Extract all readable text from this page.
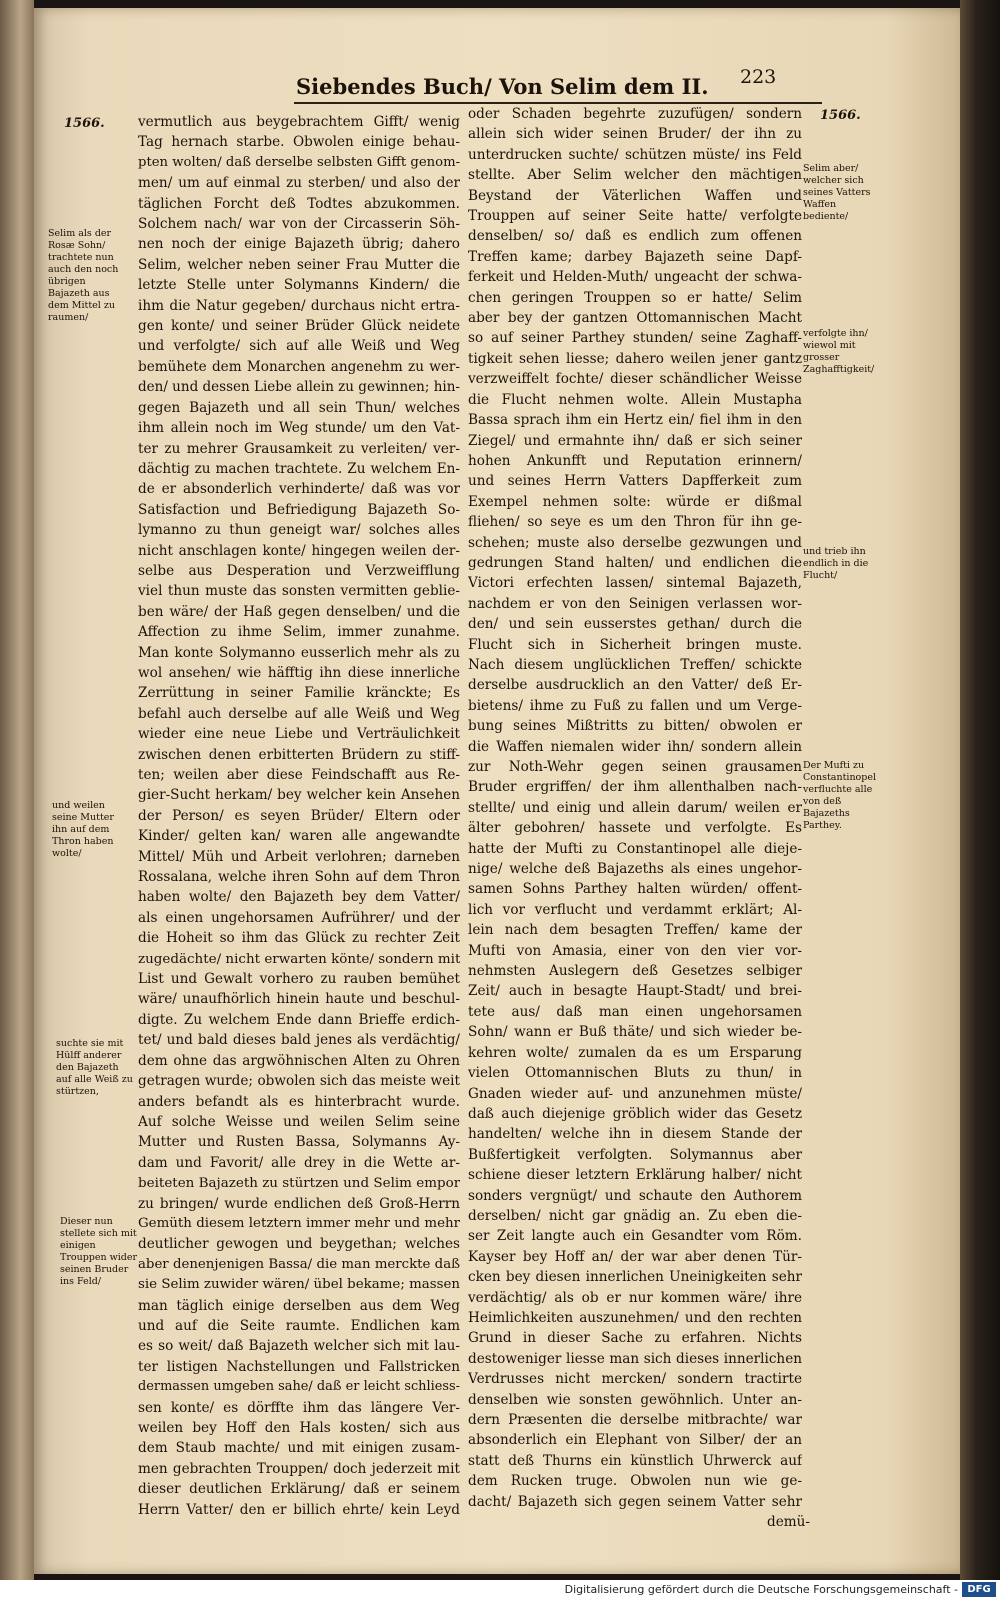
Siebendes Buch/ Von Selim dem II. 223
1566.
1566.

vermutlich aus beygebrachtem Gifft/ wenig

Tag hernach starbe. Obwolen einige behau-

pten wolten/ daß derselbe selbsten Gifft genom-

men/ um auf einmal zu sterben/ und also der

täglichen Forcht deß Todtes abzukommen.

Solchem nach/ war von der Circasserin Söh-

nen noch der einige Bajazeth übrig; dahero

Selim, welcher neben seiner Frau Mutter die

letzte Stelle unter Solymanns Kindern/ die

ihm die Natur gegeben/ durchaus nicht ertra-

gen konte/ und seiner Brüder Glück neidete

und verfolgte/ sich auf alle Weiß und Weg

bemühete dem Monarchen angenehm zu wer-

den/ und dessen Liebe allein zu gewinnen; hin-

gegen Bajazeth und all sein Thun/ welches

ihm allein noch im Weg stunde/ um den Vat-

ter zu mehrer Grausamkeit zu verleiten/ ver-

dächtig zu machen trachtete. Zu welchem En-

de er absonderlich verhinderte/ daß was vor

Satisfaction und Befriedigung Bajazeth So-

lymanno zu thun geneigt war/ solches alles

nicht anschlagen konte/ hingegen weilen der-

selbe aus Desperation und Verzweifflung

viel thun muste das sonsten vermitten geblie-

ben wäre/ der Haß gegen denselben/ und die

Affection zu ihme Selim, immer zunahme.

Man konte Solymanno eusserlich mehr als zu

wol ansehen/ wie häfftig ihn diese innerliche

Zerrüttung in seiner Familie kränckte; Es

befahl auch derselbe auf alle Weiß und Weg

wieder eine neue Liebe und Verträulichkeit

zwischen denen erbitterten Brüdern zu stiff-

ten; weilen aber diese Feindschafft aus Re-

gier-Sucht herkam/ bey welcher kein Ansehen

der Person/ es seyen Brüder/ Eltern oder

Kinder/ gelten kan/ waren alle angewandte

Mittel/ Müh und Arbeit verlohren; darneben

Rossalana, welche ihren Sohn auf dem Thron

haben wolte/ den Bajazeth bey dem Vatter/

als einen ungehorsamen Aufrührer/ und der

die Hoheit so ihm das Glück zu rechter Zeit

zugedächte/ nicht erwarten könte/ sondern mit

List und Gewalt vorhero zu rauben bemühet

wäre/ unaufhörlich hinein haute und beschul-

digte. Zu welchem Ende dann Brieffe erdich-

tet/ und bald dieses bald jenes als verdächtig/

dem ohne das argwöhnischen Alten zu Ohren

getragen wurde; obwolen sich das meiste weit

anders befandt als es hinterbracht wurde.

Auf solche Weisse und weilen Selim seine

Mutter und Rusten Bassa, Solymanns Ay-

dam und Favorit/ alle drey in die Wette ar-

beiteten Bajazeth zu stürtzen und Selim empor

zu bringen/ wurde endlichen deß Groß-Herrn

Gemüth diesem letztern immer mehr und mehr

deutlicher gewogen und beygethan; welches

aber denenjenigen Bassa/ die man merckte daß

sie Selim zuwider wären/ übel bekame; massen

man täglich einige derselben aus dem Weg

und auf die Seite raumte. Endlichen kam

es so weit/ daß Bajazeth welcher sich mit lau-

ter listigen Nachstellungen und Fallstricken

dermassen umgeben sahe/ daß er leicht schliess-

sen konte/ es dörffte ihm das längere Ver-

weilen bey Hoff den Hals kosten/ sich aus

dem Staub machte/ und mit einigen zusam-

men gebrachten Trouppen/ doch jederzeit mit

dieser deutlichen Erklärung/ daß er seinem

Herrn Vatter/ den er billich ehrte/ kein Leyd

oder Schaden begehrte zuzufügen/ sondern

allein sich wider seinen Bruder/ der ihn zu

unterdrucken suchte/ schützen müste/ ins Feld

stellte. Aber Selim welcher den mächtigen

Beystand der Väterlichen Waffen und

Trouppen auf seiner Seite hatte/ verfolgte

denselben/ so/ daß es endlich zum offenen

Treffen kame; darbey Bajazeth seine Dapf-

ferkeit und Helden-Muth/ ungeacht der schwa-

chen geringen Trouppen so er hatte/ Selim

aber bey der gantzen Ottomannischen Macht

so auf seiner Parthey stunden/ seine Zaghaff-

tigkeit sehen liesse; dahero weilen jener gantz

verzweiffelt fochte/ dieser schändlicher Weisse

die Flucht nehmen wolte. Allein Mustapha

Bassa sprach ihm ein Hertz ein/ fiel ihm in den

Ziegel/ und ermahnte ihn/ daß er sich seiner

hohen Ankunfft und Reputation erinnern/

und seines Herrn Vatters Dapfferkeit zum

Exempel nehmen solte: würde er dißmal

fliehen/ so seye es um den Thron für ihn ge-

schehen; muste also derselbe gezwungen und

gedrungen Stand halten/ und endlichen die

Victori erfechten lassen/ sintemal Bajazeth,

nachdem er von den Seinigen verlassen wor-

den/ und sein eusserstes gethan/ durch die

Flucht sich in Sicherheit bringen muste.

Nach diesem unglücklichen Treffen/ schickte

derselbe ausdrucklich an den Vatter/ deß Er-

bietens/ ihme zu Fuß zu fallen und um Verge-

bung seines Mißtritts zu bitten/ obwolen er

die Waffen niemalen wider ihn/ sondern allein

zur Noth-Wehr gegen seinen grausamen

Bruder ergriffen/ der ihm allenthalben nach-

stellte/ und einig und allein darum/ weilen er

älter gebohren/ hassete und verfolgte. Es

hatte der Mufti zu Constantinopel alle dieje-

nige/ welche deß Bajazeths als eines ungehor-

samen Sohns Parthey halten würden/ offent-

lich vor verflucht und verdammt erklärt; Al-

lein nach dem besagten Treffen/ kame der

Mufti von Amasia, einer von den vier vor-

nehmsten Auslegern deß Gesetzes selbiger

Zeit/ auch in besagte Haupt-Stadt/ und brei-

tete aus/ daß man einen ungehorsamen

Sohn/ wann er Buß thäte/ und sich wieder be-

kehren wolte/ zumalen da es um Ersparung

vielen Ottomannischen Bluts zu thun/ in

Gnaden wieder auf- und anzunehmen müste/

daß auch diejenige gröblich wider das Gesetz

handelten/ welche ihn in diesem Stande der

Bußfertigkeit verfolgten. Solymannus aber

schiene dieser letztern Erklärung halber/ nicht

sonders vergnügt/ und schaute den Authorem

derselben/ nicht gar gnädig an. Zu eben die-

ser Zeit langte auch ein Gesandter vom Röm.

Kayser bey Hoff an/ der war aber denen Tür-

cken bey diesen innerlichen Uneinigkeiten sehr

verdächtig/ als ob er nur kommen wäre/ ihre

Heimlichkeiten auszunehmen/ und den rechten

Grund in dieser Sache zu erfahren. Nichts

destoweniger liesse man sich dieses innerlichen

Verdrusses nicht mercken/ sondern tractirte

denselben wie sonsten gewöhnlich. Unter an-

dern Præsenten die derselbe mitbrachte/ war

absonderlich ein Elephant von Silber/ der an

statt deß Thurns ein künstlich Uhrwerck auf

dem Rucken truge. Obwolen nun wie ge-

dacht/ Bajazeth sich gegen seinem Vatter sehr

demü-
Selim als der Rosæ Sohn/ trachtete nun auch den noch übrigen Bajazeth aus dem Mittel zu raumen/
und weilen seine Mutter ihn auf dem Thron haben wolte/
suchte sie mit Hülff anderer den Bajazeth auf alle Weiß zu stürtzen,
Dieser nun stellete sich mit einigen Trouppen wider seinen Bruder ins Feld/
Selim aber/ welcher sich seines Vatters Waffen bediente/
verfolgte ihn/ wiewol mit grosser Zaghafftigkeit/
und trieb ihn endlich in die Flucht/
Der Mufti zu Constantinopel verfluchte alle von deß Bajazeths Parthey.
Digitalisierung gefördert durch die Deutsche Forschungsgemeinschaft - DFG
